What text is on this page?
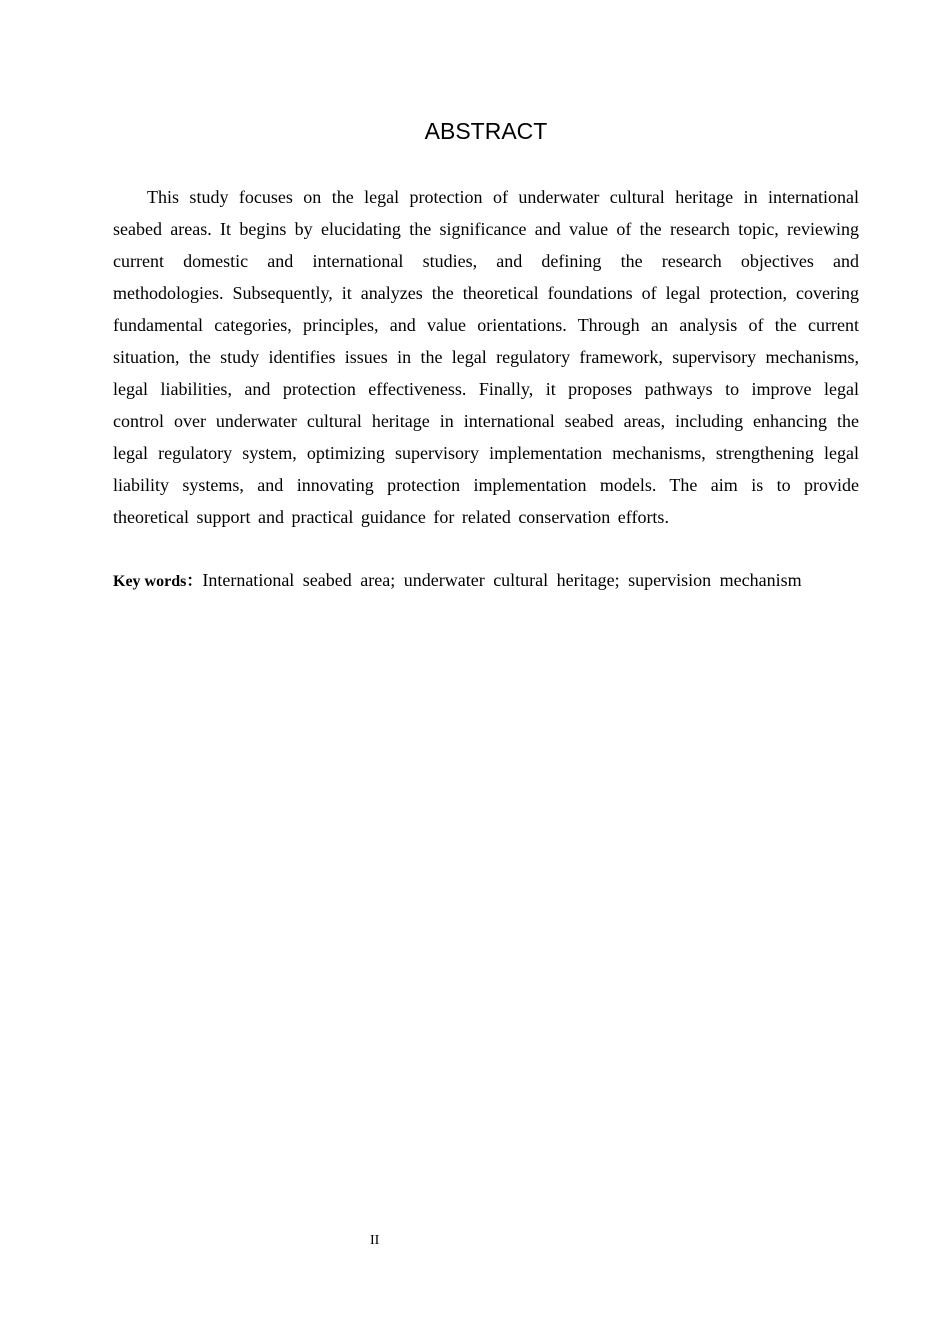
ABSTRACT

This study focuses on the legal protection of underwater cultural heritage in international seabed areas. It begins by elucidating the significance and value of the research topic, reviewing current domestic and international studies, and defining the research objectives and methodologies. Subsequently, it analyzes the theoretical foundations of legal protection, covering fundamental categories, principles, and value orientations. Through an analysis of the current situation, the study identifies issues in the legal regulatory framework, supervisory mechanisms, legal liabilities, and protection effectiveness. Finally, it proposes pathways to improve legal control over underwater cultural heritage in international seabed areas, including enhancing the legal regulatory system, optimizing supervisory implementation mechanisms, strengthening legal liability systems, and innovating protection implementation models. The aim is to provide theoretical support and practical guidance for related conservation efforts.

Key words：International seabed area; underwater cultural heritage; supervision mechanism

II
